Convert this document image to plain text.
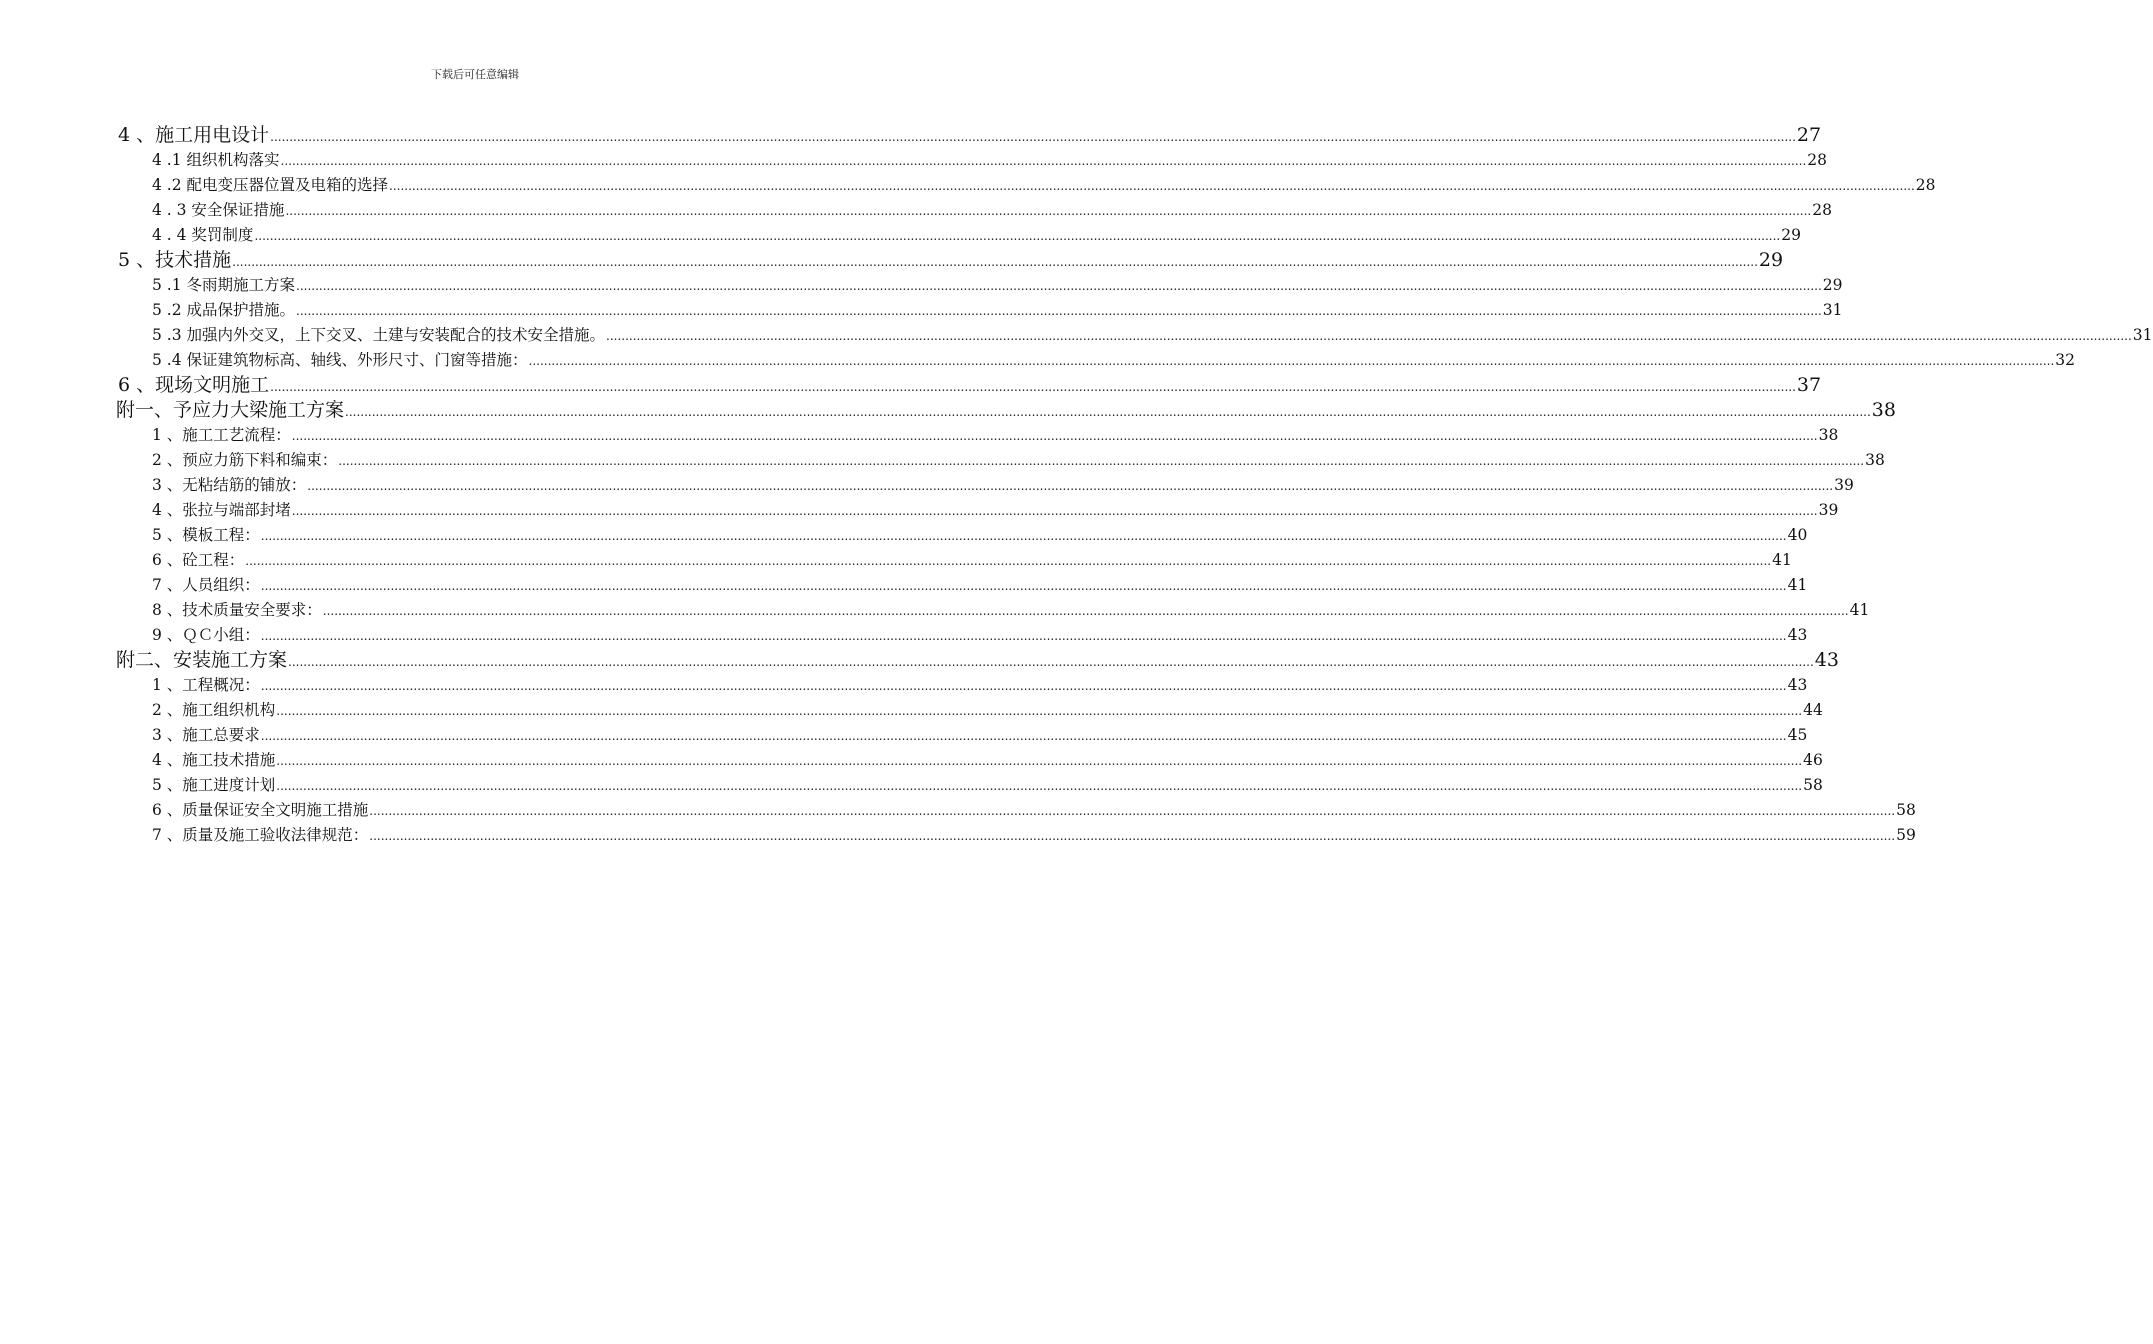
下载后可任意编辑
4 、施工用电设计 ................................................................................................................................................................................................................................................................................................................................................................................................................ 27
4 .1 组织机构落实 ................................................................................................................................................................................................................................................................................................................................................................................................................ 28
4 .2 配电变压器位置及电箱的选择 ................................................................................................................................................................................................................................................................................................................................................................................................................ 28
4 . 3 安全保证措施 ................................................................................................................................................................................................................................................................................................................................................................................................................ 28
4 . 4 奖罚制度 ................................................................................................................................................................................................................................................................................................................................................................................................................ 29
5 、技术措施 ................................................................................................................................................................................................................................................................................................................................................................................................................ 29
5 .1 冬雨期施工方案 ................................................................................................................................................................................................................................................................................................................................................................................................................ 29
5 .2 成品保护措施。 ................................................................................................................................................................................................................................................................................................................................................................................................................ 31
5 .3 加强内外交叉，上下交叉、土建与安装配合的技术安全措施。 ................................................................................................................................................................................................................................................................................................................................................................................................................ 31
5 .4 保证建筑物标高、轴线、外形尺寸、门窗等措施： ................................................................................................................................................................................................................................................................................................................................................................................................................ 32
6 、现场文明施工 ................................................................................................................................................................................................................................................................................................................................................................................................................ 37
附一、予应力大梁施工方案 ................................................................................................................................................................................................................................................................................................................................................................................................................ 38
1 、施工工艺流程： ................................................................................................................................................................................................................................................................................................................................................................................................................ 38
2 、预应力筋下料和编束： ................................................................................................................................................................................................................................................................................................................................................................................................................ 38
3 、无粘结筋的铺放： ................................................................................................................................................................................................................................................................................................................................................................................................................ 39
4 、张拉与端部封堵 ................................................................................................................................................................................................................................................................................................................................................................................................................ 39
5 、模板工程： ................................................................................................................................................................................................................................................................................................................................................................................................................ 40
6 、砼工程： ................................................................................................................................................................................................................................................................................................................................................................................................................ 41
7 、人员组织： ................................................................................................................................................................................................................................................................................................................................................................................................................ 41
8 、技术质量安全要求： ................................................................................................................................................................................................................................................................................................................................................................................................................ 41
9 、ＱＣ小组： ................................................................................................................................................................................................................................................................................................................................................................................................................ 43
附二、安装施工方案 ................................................................................................................................................................................................................................................................................................................................................................................................................ 43
1 、工程概况： ................................................................................................................................................................................................................................................................................................................................................................................................................ 43
2 、施工组织机构 ................................................................................................................................................................................................................................................................................................................................................................................................................ 44
3 、施工总要求 ................................................................................................................................................................................................................................................................................................................................................................................................................ 45
4 、施工技术措施 ................................................................................................................................................................................................................................................................................................................................................................................................................ 46
5 、施工进度计划 ................................................................................................................................................................................................................................................................................................................................................................................................................ 58
6 、质量保证安全文明施工措施 ................................................................................................................................................................................................................................................................................................................................................................................................................ 58
7 、质量及施工验收法律规范： ................................................................................................................................................................................................................................................................................................................................................................................................................ 59
